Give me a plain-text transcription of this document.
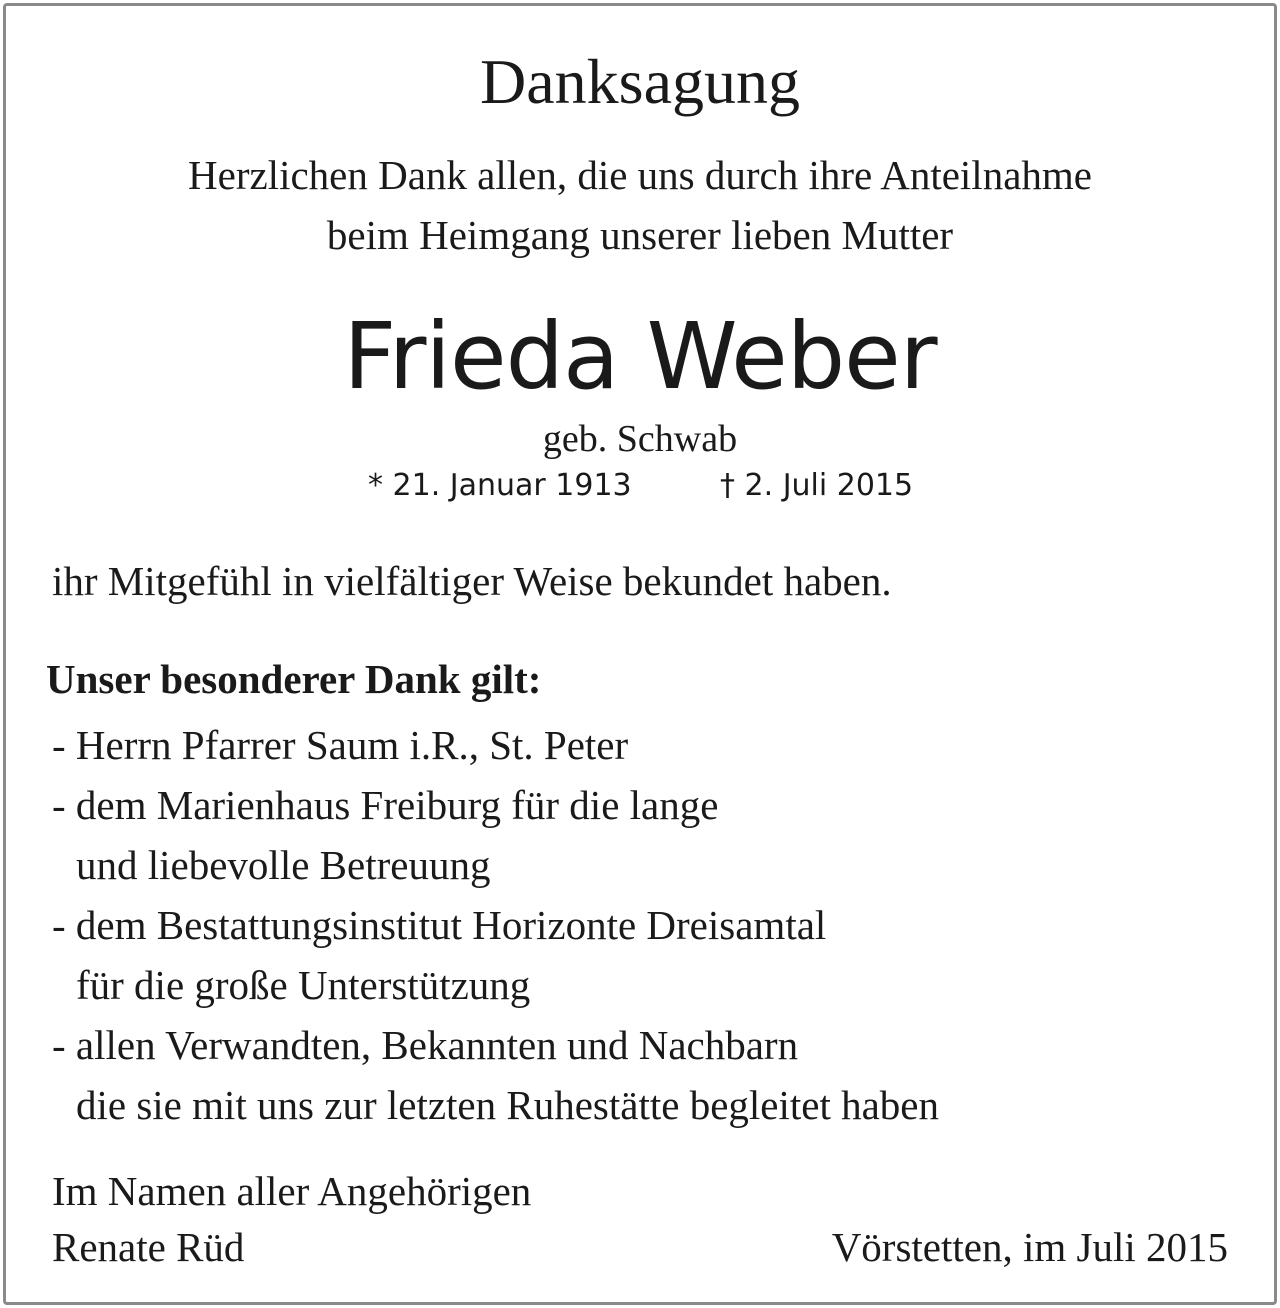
Danksagung
Herzlichen Dank allen, die uns durch ihre Anteilnahme
beim Heimgang unserer lieben Mutter
Frieda Weber
geb. Schwab
* 21. Januar 1913	† 2. Juli 2015
ihr Mitgefühl in vielfältiger Weise bekundet haben.
Unser besonderer Dank gilt:
- Herrn Pfarrer Saum i.R., St. Peter
- dem Marienhaus Freiburg für die lange
und liebevolle Betreuung
- dem Bestattungsinstitut Horizonte Dreisamtal
für die große Unterstützung
- allen Verwandten, Bekannten und Nachbarn
die sie mit uns zur letzten Ruhestätte begleitet haben
Im Namen aller Angehörigen
Renate Rüd	Vörstetten, im Juli 2015
